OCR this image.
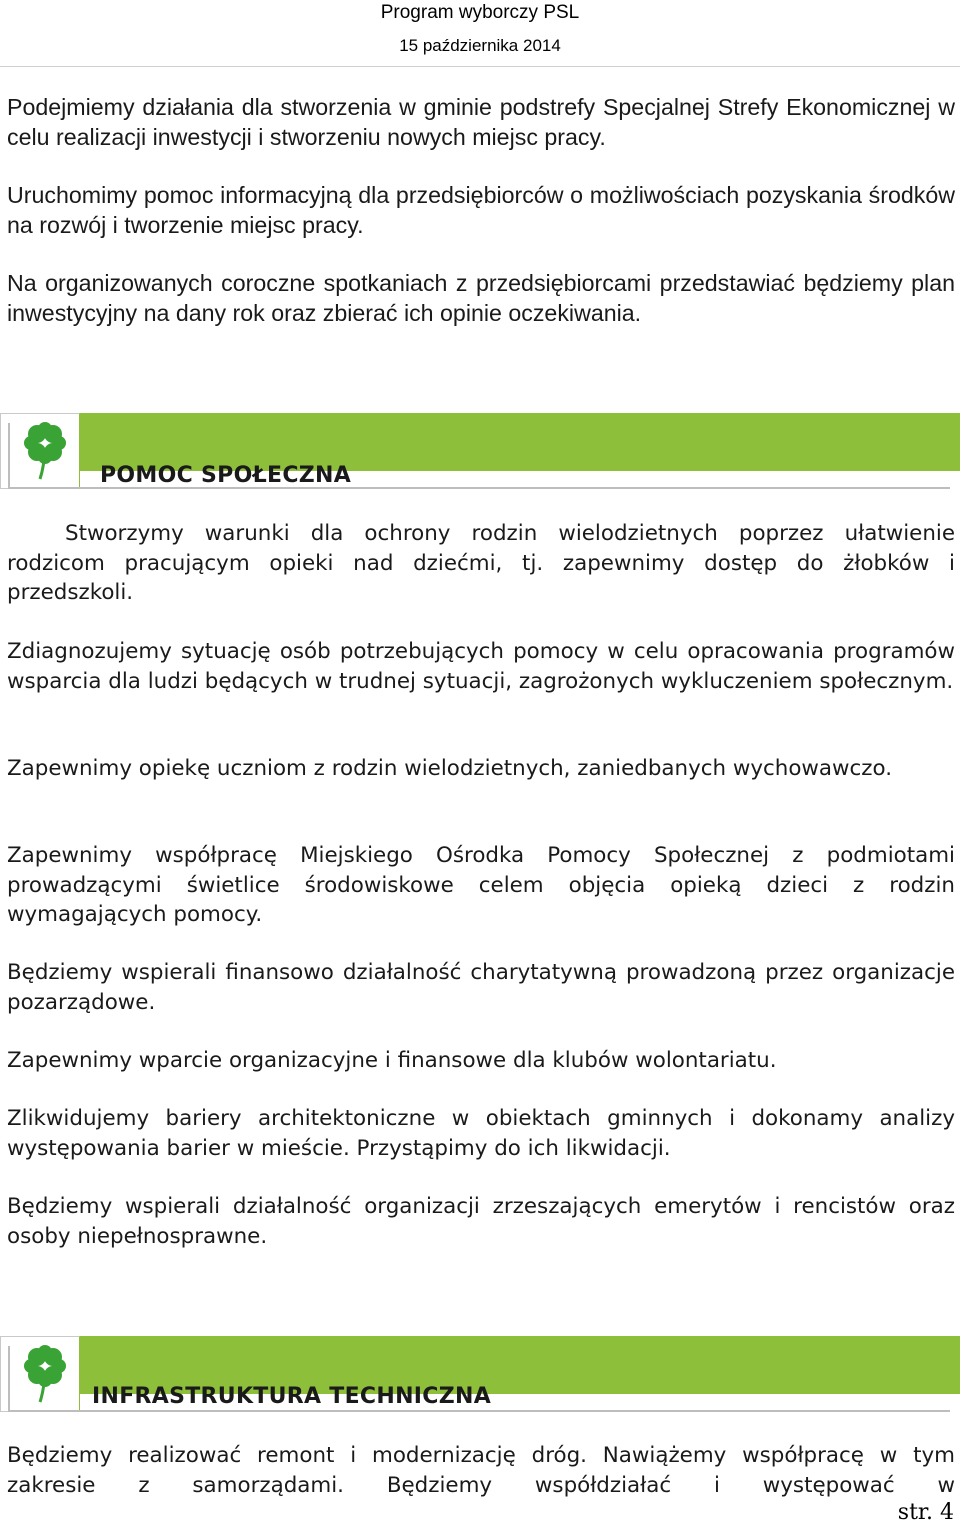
Program wyborczy PSL
15 października 2014

Podejmiemy działania dla stworzenia w gminie podstrefy Specjalnej Strefy Ekonomicznej w celu realizacji inwestycji i stworzeniu nowych miejsc pracy.

Uruchomimy pomoc informacyjną dla przedsiębiorców o możliwościach pozyskania środków na rozwój i tworzenie miejsc pracy.

Na organizowanych coroczne spotkaniach z przedsiębiorcami przedstawiać będziemy plan inwestycyjny na dany rok oraz zbierać ich opinie oczekiwania.

POMOC SPOŁECZNA

Stworzymy warunki dla ochrony rodzin wielodzietnych poprzez ułatwienie rodzicom pracującym opieki nad dziećmi, tj. zapewnimy dostęp do żłobków i przedszkoli.

Zdiagnozujemy sytuację osób potrzebujących pomocy w celu opracowania programów wsparcia dla ludzi będących w trudnej sytuacji, zagrożonych wykluczeniem społecznym.

Zapewnimy opiekę uczniom z rodzin wielodzietnych, zaniedbanych wychowawczo.

Zapewnimy współpracę Miejskiego Ośrodka Pomocy Społecznej z podmiotami prowadzącymi świetlice środowiskowe celem objęcia opieką dzieci z rodzin wymagających pomocy.

Będziemy wspierali finansowo działalność charytatywną prowadzoną przez organizacje pozarządowe.

Zapewnimy wparcie organizacyjne i finansowe dla klubów wolontariatu.

Zlikwidujemy bariery architektoniczne w obiektach gminnych i dokonamy analizy występowania barier w mieście. Przystąpimy do ich likwidacji.

Będziemy wspierali działalność organizacji zrzeszających emerytów i rencistów oraz osoby niepełnosprawne.

INFRASTRUKTURA TECHNICZNA

Będziemy realizować remont i modernizację dróg. Nawiążemy współpracę w tym zakresie z samorządami. Będziemy współdziałać i występować w

str. 4
